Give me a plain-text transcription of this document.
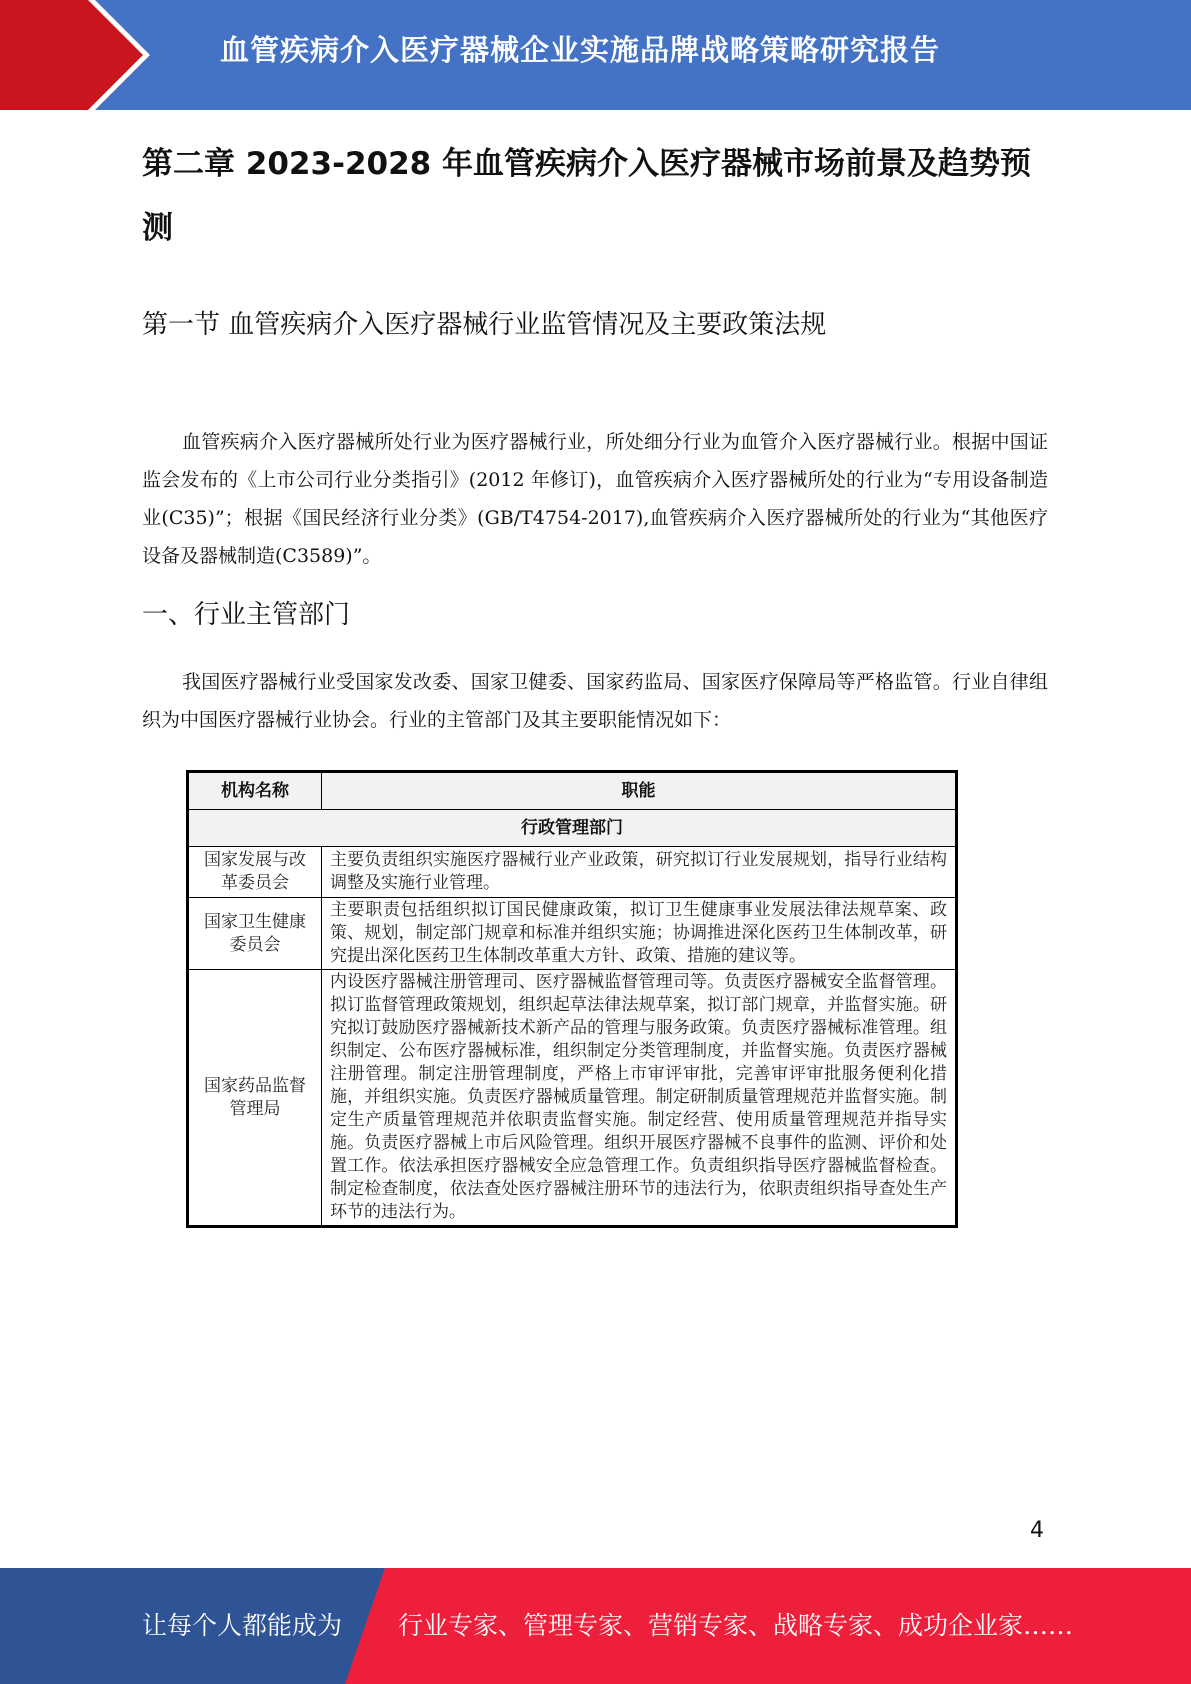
血管疾病介入医疗器械企业实施品牌战略策略研究报告
第二章 2023-2028 年血管疾病介入医疗器械市场前景及趋势预
测
第一节 血管疾病介入医疗器械行业监管情况及主要政策法规

血管疾病介入医疗器械所处行业为医疗器械行业，所处细分行业为血管介入医疗器械行业。根据中国证监会发布的《上市公司行业分类指引》(2012 年修订)，血管疾病介入医疗器械所处的行业为“专用设备制造业(C35)”；根据《国民经济行业分类》(GB/T4754-2017),血管疾病介入医疗器械所处的行业为“其他医疗设备及器械制造(C3589)”。

一、行业主管部门

我国医疗器械行业受国家发改委、国家卫健委、国家药监局、国家医疗保障局等严格监管。行业自律组织为中国医疗器械行业协会。行业的主管部门及其主要职能情况如下：

机构名称	职能
行政管理部门	
国家发展与改革委员会	主要负责组织实施医疗器械行业产业政策，研究拟订行业发展规划，指导行业结构调整及实施行业管理。
国家卫生健康委员会	主要职责包括组织拟订国民健康政策，拟订卫生健康事业发展法律法规草案、政策、规划，制定部门规章和标准并组织实施；协调推进深化医药卫生体制改革，研究提出深化医药卫生体制改革重大方针、政策、措施的建议等。
国家药品监督管理局	内设医疗器械注册管理司、医疗器械监督管理司等。负责医疗器械安全监督管理。拟订监督管理政策规划，组织起草法律法规草案，拟订部门规章，并监督实施。研究拟订鼓励医疗器械新技术新产品的管理与服务政策。负责医疗器械标准管理。组织制定、公布医疗器械标准，组织制定分类管理制度，并监督实施。负责医疗器械注册管理。制定注册管理制度，严格上市审评审批，完善审评审批服务便利化措施，并组织实施。负责医疗器械质量管理。制定研制质量管理规范并监督实施。制定生产质量管理规范并依职责监督实施。制定经营、使用质量管理规范并指导实施。负责医疗器械上市后风险管理。组织开展医疗器械不良事件的监测、评价和处置工作。依法承担医疗器械安全应急管理工作。负责组织指导医疗器械监督检查。制定检查制度，依法查处医疗器械注册环节的违法行为，依职责组织指导查处生产环节的违法行为。
4
让每个人都能成为 行业专家、管理专家、营销专家、战略专家、成功企业家……
